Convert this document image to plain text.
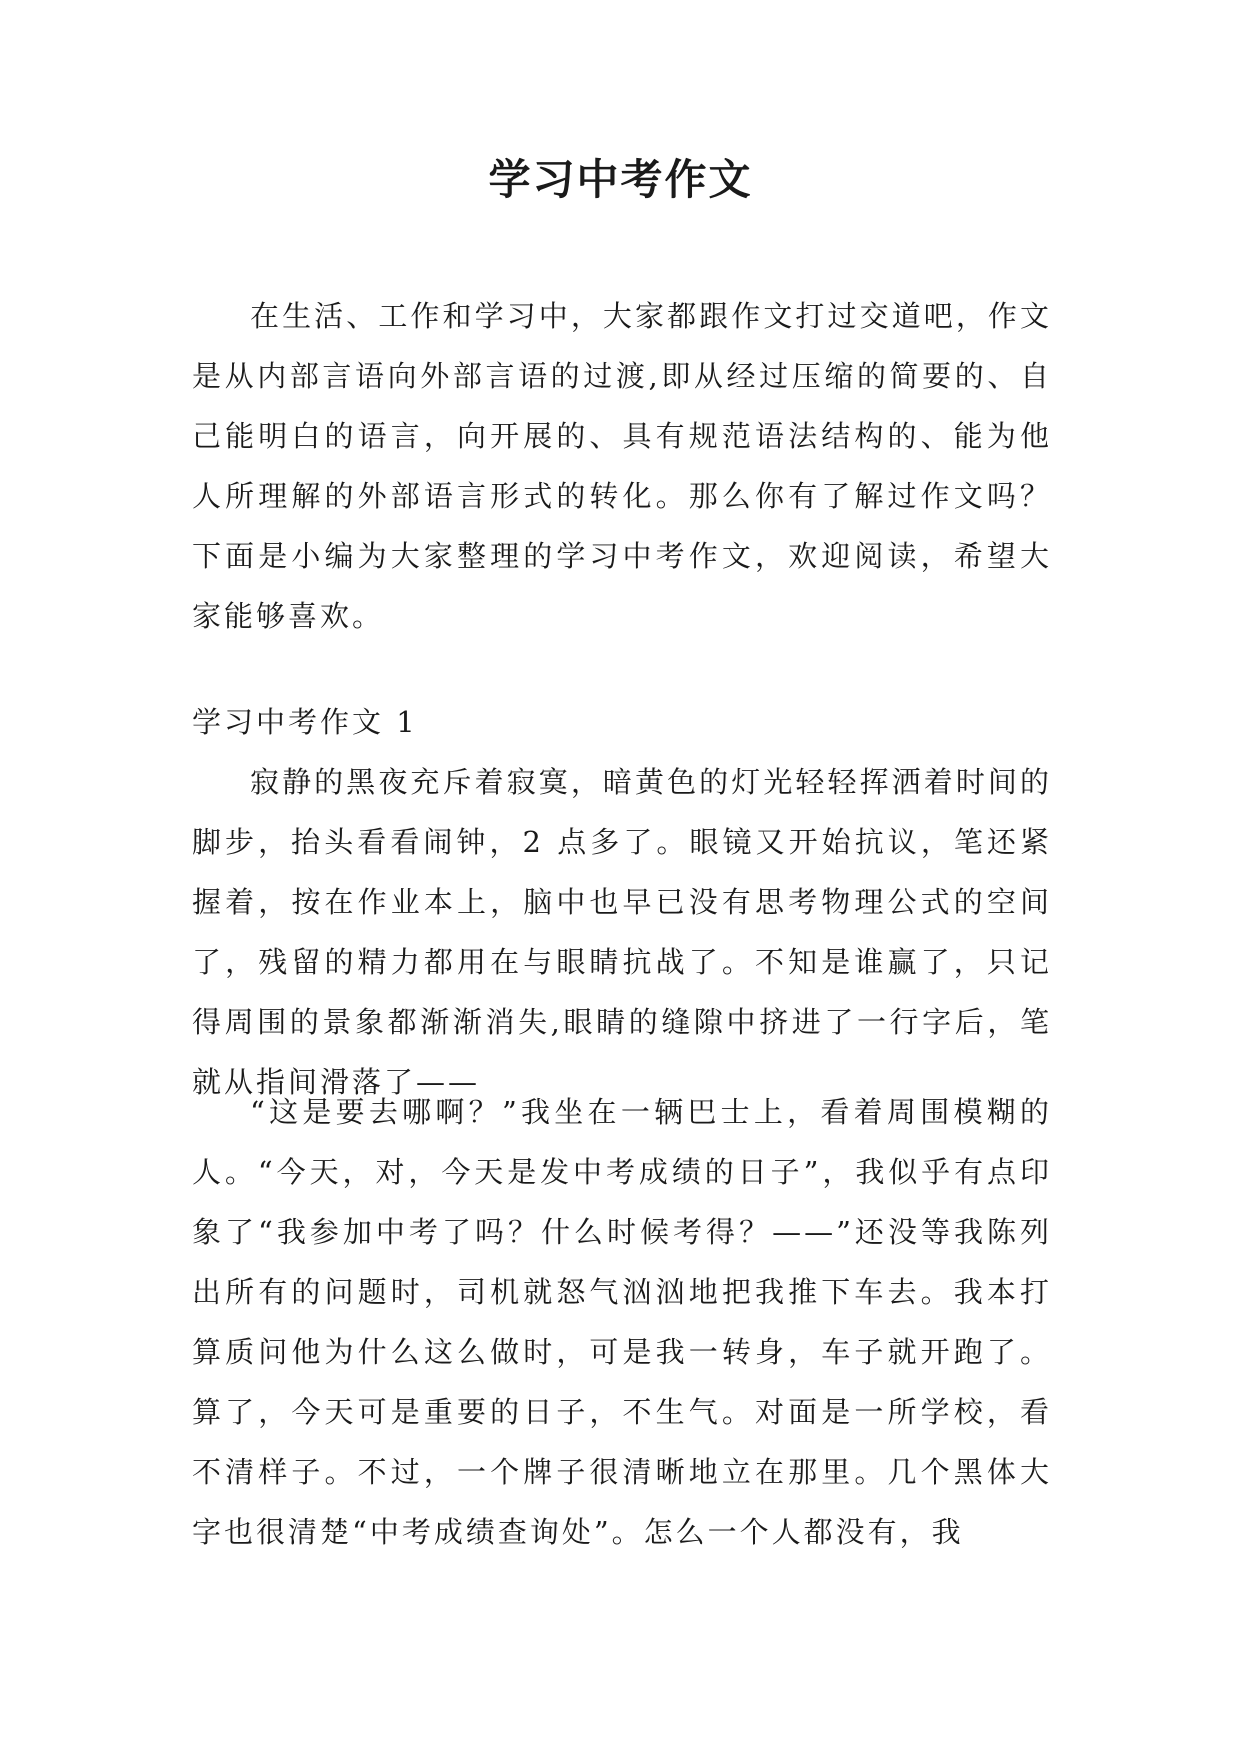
学习中考作文

在生活、工作和学习中，大家都跟作文打过交道吧，作文是从内部言语向外部言语的过渡,即从经过压缩的简要的、自己能明白的语言，向开展的、具有规范语法结构的、能为他人所理解的外部语言形式的转化。那么你有了解过作文吗？下面是小编为大家整理的学习中考作文，欢迎阅读，希望大家能够喜欢。

学习中考作文 1

寂静的黑夜充斥着寂寞，暗黄色的灯光轻轻挥洒着时间的脚步，抬头看看闹钟，2 点多了。眼镜又开始抗议，笔还紧握着，按在作业本上，脑中也早已没有思考物理公式的空间了，残留的精力都用在与眼睛抗战了。不知是谁赢了，只记得周围的景象都渐渐消失,眼睛的缝隙中挤进了一行字后，笔就从指间滑落了——

“这是要去哪啊？”我坐在一辆巴士上，看着周围模糊的人。“今天，对，今天是发中考成绩的日子”，我似乎有点印象了“我参加中考了吗？什么时候考得？——”还没等我陈列出所有的问题时，司机就怒气汹汹地把我推下车去。我本打算质问他为什么这么做时，可是我一转身，车子就开跑了。算了，今天可是重要的日子，不生气。对面是一所学校，看不清样子。不过，一个牌子很清晰地立在那里。几个黑体大字也很清楚“中考成绩查询处”。怎么一个人都没有，我
